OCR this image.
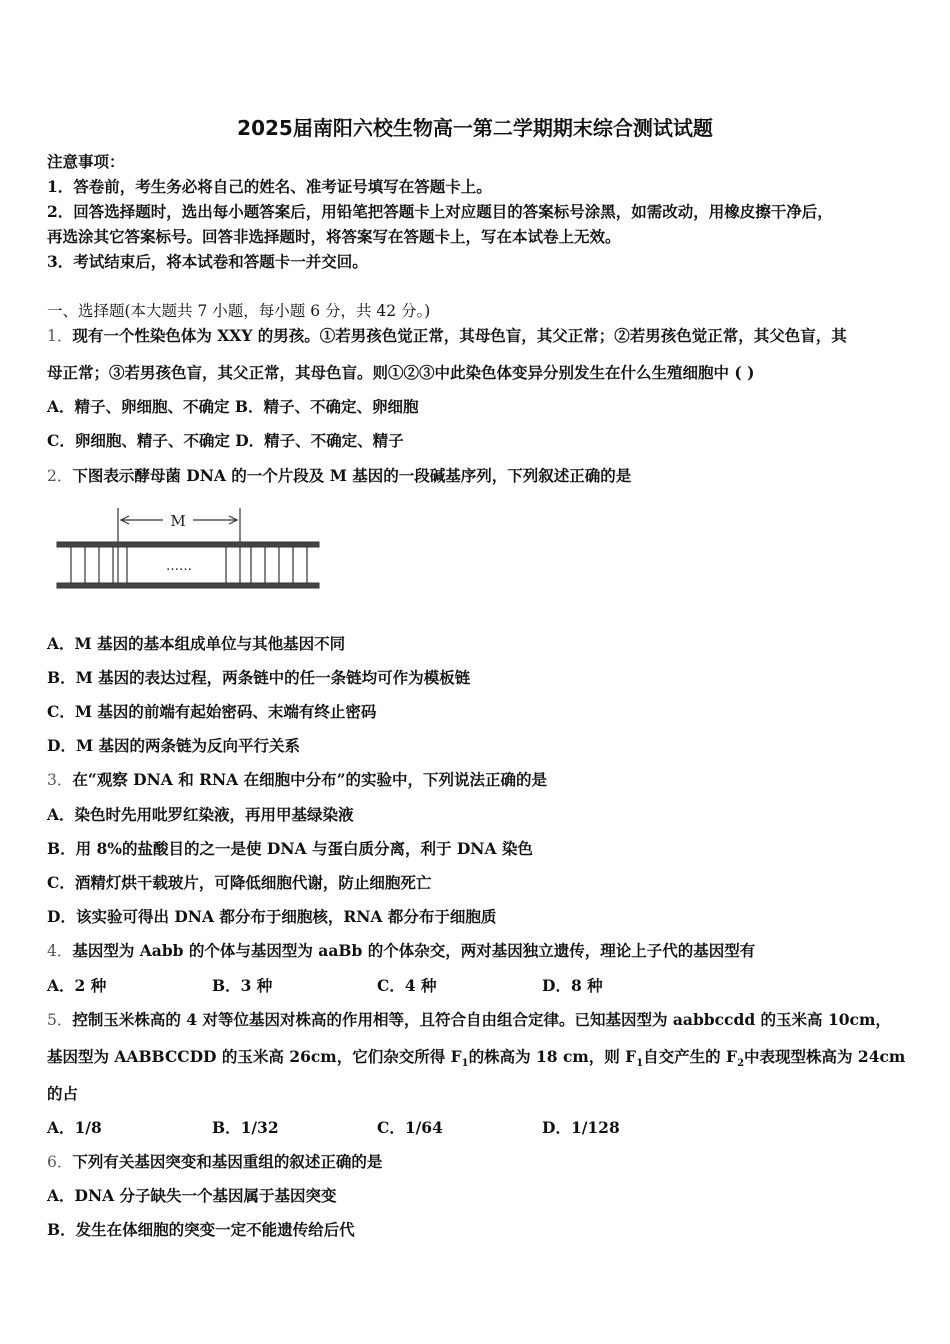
2025届南阳六校生物高一第二学期期末综合测试试题
注意事项：
1．答卷前，考生务必将自己的姓名、准考证号填写在答题卡上。
2．回答选择题时，选出每小题答案后，用铅笔把答题卡上对应题目的答案标号涂黑，如需改动，用橡皮擦干净后，
再选涂其它答案标号。回答非选择题时，将答案写在答题卡上，写在本试卷上无效。
3．考试结束后，将本试卷和答题卡一并交回。
一、选择题(本大题共 7 小题，每小题 6 分，共 42 分。)
1．现有一个性染色体为 XXY 的男孩。①若男孩色觉正常，其母色盲，其父正常；②若男孩色觉正常，其父色盲，其
母正常；③若男孩色盲，其父正常，其母色盲。则①②③中此染色体变异分别发生在什么生殖细胞中 ( )
A．精子、卵细胞、不确定 B．精子、不确定、卵细胞
C．卵细胞、精子、不确定 D．精子、不确定、精子
2．下图表示酵母菌 DNA 的一个片段及 M 基因的一段碱基序列，下列叙述正确的是
M
……
A．M 基因的基本组成单位与其他基因不同
B．M 基因的表达过程，两条链中的任一条链均可作为模板链
C．M 基因的前端有起始密码、末端有终止密码
D．M 基因的两条链为反向平行关系
3．在“观察 DNA 和 RNA 在细胞中分布”的实验中，下列说法正确的是
A．染色时先用吡罗红染液，再用甲基绿染液
B．用 8%的盐酸目的之一是使 DNA 与蛋白质分离，利于 DNA 染色
C．酒精灯烘干载玻片，可降低细胞代谢，防止细胞死亡
D．该实验可得出 DNA 都分布于细胞核，RNA 都分布于细胞质
4．基因型为 Aabb 的个体与基因型为 aaBb 的个体杂交，两对基因独立遗传，理论上子代的基因型有
A．2 种	B．3 种	C．4 种	D．8 种
5．控制玉米株高的 4 对等位基因对株高的作用相等，且符合自由组合定律。已知基因型为 aabbccdd 的玉米高 10cm，
基因型为 AABBCCDD 的玉米高 26cm，它们杂交所得 $F_1$的株高为 18 cm，则 $F_1$自交产生的 $F_2$中表现型株高为 24cm
的占
A．1/8	B．1/32	C．1/64	D．1/128
6．下列有关基因突变和基因重组的叙述正确的是
A．DNA 分子缺失一个基因属于基因突变
B．发生在体细胞的突变一定不能遗传给后代
